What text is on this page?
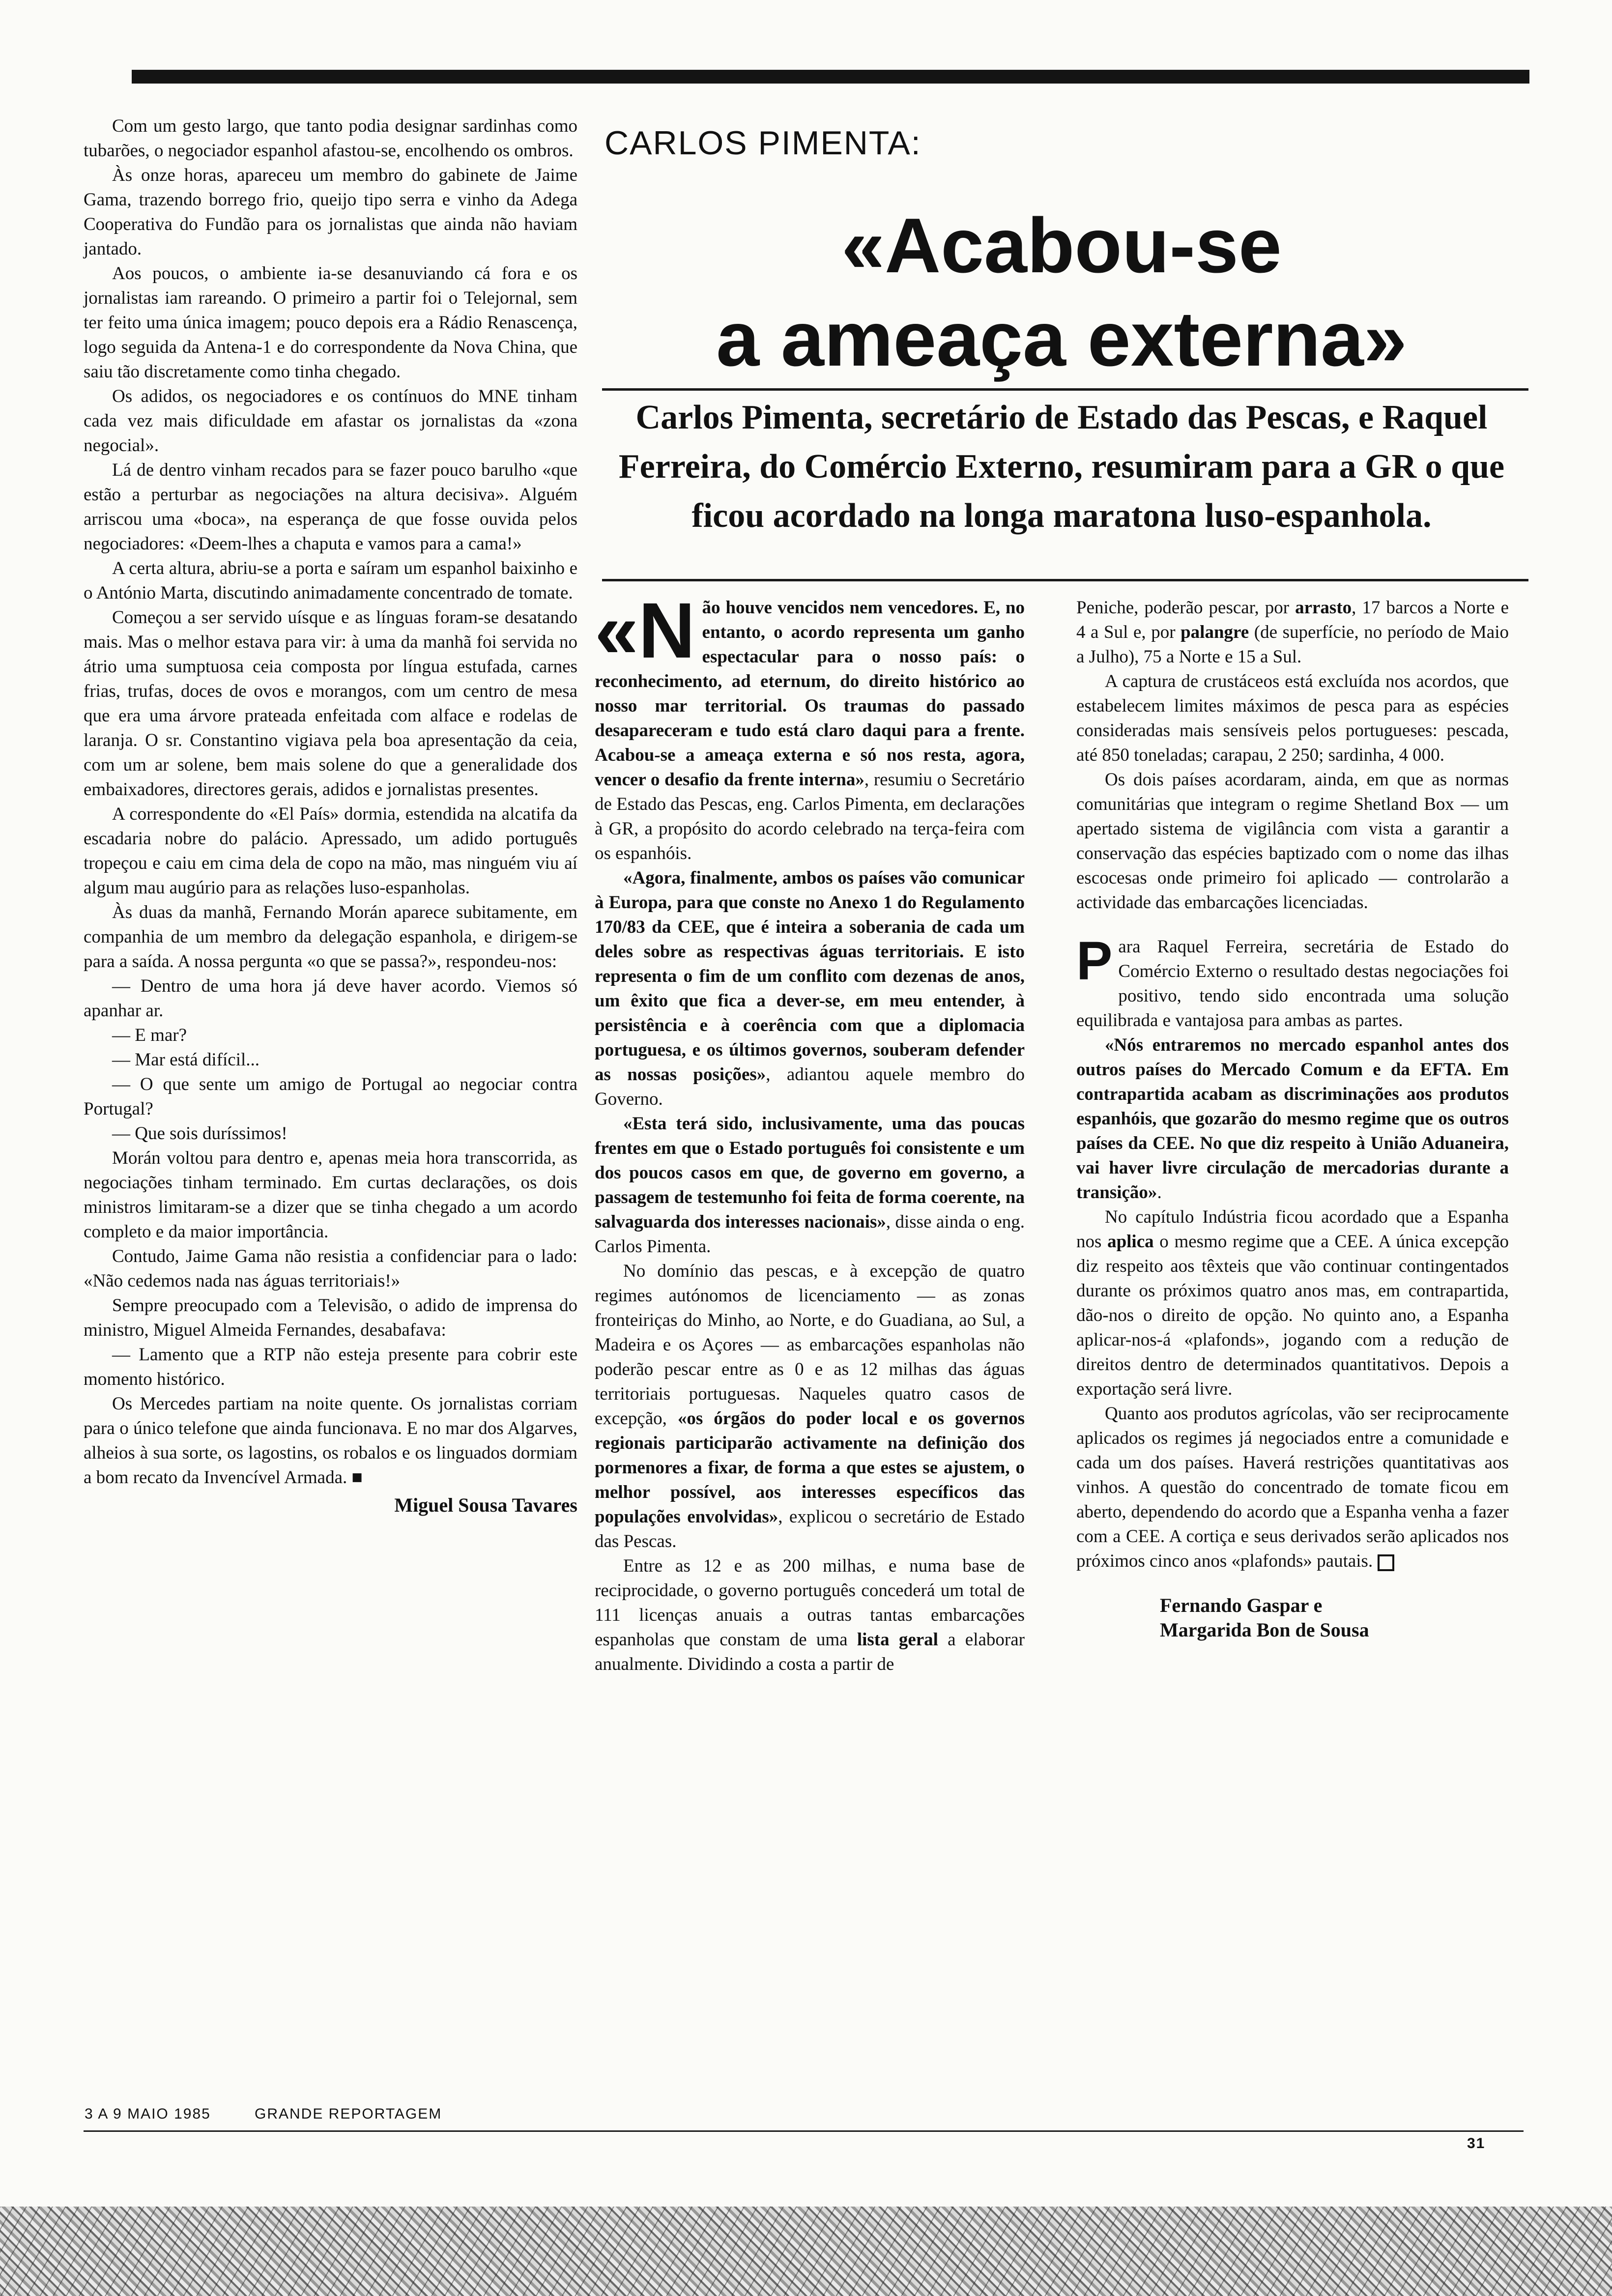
Com um gesto largo, que tanto podia designar sardinhas como tubarões, o negociador espanhol afastou-se, encolhendo os ombros.

Às onze horas, apareceu um membro do gabinete de Jaime Gama, trazendo borrego frio, queijo tipo serra e vinho da Adega Cooperativa do Fundão para os jornalistas que ainda não haviam jantado.

Aos poucos, o ambiente ia-se desanuviando cá fora e os jornalistas iam rareando. O primeiro a partir foi o Telejornal, sem ter feito uma única imagem; pouco depois era a Rádio Renascença, logo seguida da Antena-1 e do correspondente da Nova China, que saiu tão discretamente como tinha chegado.

Os adidos, os negociadores e os contínuos do MNE tinham cada vez mais dificuldade em afastar os jornalistas da «zona negocial».

Lá de dentro vinham recados para se fazer pouco barulho «que estão a perturbar as negociações na altura decisiva». Alguém arriscou uma «boca», na esperança de que fosse ouvida pelos negociadores: «Deem-lhes a chaputa e vamos para a cama!»

A certa altura, abriu-se a porta e saíram um espanhol baixinho e o António Marta, discutindo animadamente concentrado de tomate.

Começou a ser servido uísque e as línguas foram-se desatando mais. Mas o melhor estava para vir: à uma da manhã foi servida no átrio uma sumptuosa ceia composta por língua estufada, carnes frias, trufas, doces de ovos e morangos, com um centro de mesa que era uma árvore prateada enfeitada com alface e rodelas de laranja. O sr. Constantino vigiava pela boa apresentação da ceia, com um ar solene, bem mais solene do que a generalidade dos embaixadores, directores gerais, adidos e jornalistas presentes.

A correspondente do «El País» dormia, estendida na alcatifa da escadaria nobre do palácio. Apressado, um adido português tropeçou e caiu em cima dela de copo na mão, mas ninguém viu aí algum mau augúrio para as relações luso-espanholas.

Às duas da manhã, Fernando Morán aparece subitamente, em companhia de um membro da delegação espanhola, e dirigem-se para a saída. A nossa pergunta «o que se passa?», respondeu-nos:

— Dentro de uma hora já deve haver acordo. Viemos só apanhar ar.

— E mar?

— Mar está difícil...

— O que sente um amigo de Portugal ao negociar contra Portugal?

— Que sois duríssimos!

Morán voltou para dentro e, apenas meia hora transcorrida, as negociações tinham terminado. Em curtas declarações, os dois ministros limitaram-se a dizer que se tinha chegado a um acordo completo e da maior importância.

Contudo, Jaime Gama não resistia a confidenciar para o lado: «Não cedemos nada nas águas territoriais!»

Sempre preocupado com a Televisão, o adido de imprensa do ministro, Miguel Almeida Fernandes, desabafava:

— Lamento que a RTP não esteja presente para cobrir este momento histórico.

Os Mercedes partiam na noite quente. Os jornalistas corriam para o único telefone que ainda funcionava. E no mar dos Algarves, alheios à sua sorte, os lagostins, os robalos e os linguados dormiam a bom recato da Invencível Armada. ■

Miguel Sousa Tavares
CARLOS PIMENTA:
«Acabou-se
a ameaça externa»
Carlos Pimenta, secretário de Estado das Pescas, e Raquel Ferreira, do Comércio Externo, resumiram para a GR o que ficou acordado na longa maratona luso-espanhola.

«Não houve vencidos nem vencedores. E, no entanto, o acordo representa um ganho espectacular para o nosso país: o reconhecimento, ad eternum, do direito histórico ao nosso mar territorial. Os traumas do passado desapareceram e tudo está claro daqui para a frente. Acabou-se a ameaça externa e só nos resta, agora, vencer o desafio da frente interna», resumiu o Secretário de Estado das Pescas, eng. Carlos Pimenta, em declarações à GR, a propósito do acordo celebrado na terça-feira com os espanhóis.

«Agora, finalmente, ambos os países vão comunicar à Europa, para que conste no Anexo 1 do Regulamento 170/83 da CEE, que é inteira a soberania de cada um deles sobre as respectivas águas territoriais. E isto representa o fim de um conflito com dezenas de anos, um êxito que fica a dever-se, em meu entender, à persistência e à coerência com que a diplomacia portuguesa, e os últimos governos, souberam defender as nossas posições», adiantou aquele membro do Governo.

«Esta terá sido, inclusivamente, uma das poucas frentes em que o Estado português foi consistente e um dos poucos casos em que, de governo em governo, a passagem de testemunho foi feita de forma coerente, na salvaguarda dos interesses nacionais», disse ainda o eng. Carlos Pimenta.

No domínio das pescas, e à excepção de quatro regimes autónomos de licenciamento — as zonas fronteiriças do Minho, ao Norte, e do Guadiana, ao Sul, a Madeira e os Açores — as embarcações espanholas não poderão pescar entre as 0 e as 12 milhas das águas territoriais portuguesas. Naqueles quatro casos de excepção, «os órgãos do poder local e os governos regionais participarão activamente na definição dos pormenores a fixar, de forma a que estes se ajustem, o melhor possível, aos interesses específicos das populações envolvidas», explicou o secretário de Estado das Pescas.

Entre as 12 e as 200 milhas, e numa base de reciprocidade, o governo português concederá um total de 111 licenças anuais a outras tantas embarcações espanholas que constam de uma lista geral a elaborar anualmente. Dividindo a costa a partir de

Peniche, poderão pescar, por arrasto, 17 barcos a Norte e 4 a Sul e, por palangre (de superfície, no período de Maio a Julho), 75 a Norte e 15 a Sul.

A captura de crustáceos está excluída nos acordos, que estabelecem limites máximos de pesca para as espécies consideradas mais sensíveis pelos portugueses: pescada, até 850 toneladas; carapau, 2 250; sardinha, 4 000.

Os dois países acordaram, ainda, em que as normas comunitárias que integram o regime Shetland Box — um apertado sistema de vigilância com vista a garantir a conservação das espécies baptizado com o nome das ilhas escocesas onde primeiro foi aplicado — controlarão a actividade das embarcações licenciadas.

Para Raquel Ferreira, secretária de Estado do Comércio Externo o resultado destas negociações foi positivo, tendo sido encontrada uma solução equilibrada e vantajosa para ambas as partes.

«Nós entraremos no mercado espanhol antes dos outros países do Mercado Comum e da EFTA. Em contrapartida acabam as discriminações aos produtos espanhóis, que gozarão do mesmo regime que os outros países da CEE. No que diz respeito à União Aduaneira, vai haver livre circulação de mercadorias durante a transição».

No capítulo Indústria ficou acordado que a Espanha nos aplica o mesmo regime que a CEE. A única excepção diz respeito aos têxteis que vão continuar contingentados durante os próximos quatro anos mas, em contrapartida, dão-nos o direito de opção. No quinto ano, a Espanha aplicar-nos-á «plafonds», jogando com a redução de direitos dentro de determinados quantitativos. Depois a exportação será livre.

Quanto aos produtos agrícolas, vão ser reciprocamente aplicados os regimes já negociados entre a comunidade e cada um dos países. Haverá restrições quantitativas aos vinhos. A questão do concentrado de tomate ficou em aberto, dependendo do acordo que a Espanha venha a fazer com a CEE. A cortiça e seus derivados serão aplicados nos próximos cinco anos «plafonds» pautais.

Fernando Gaspar e
Margarida Bon de Sousa
3 A 9 MAIO 1985	GRANDE REPORTAGEM
31
